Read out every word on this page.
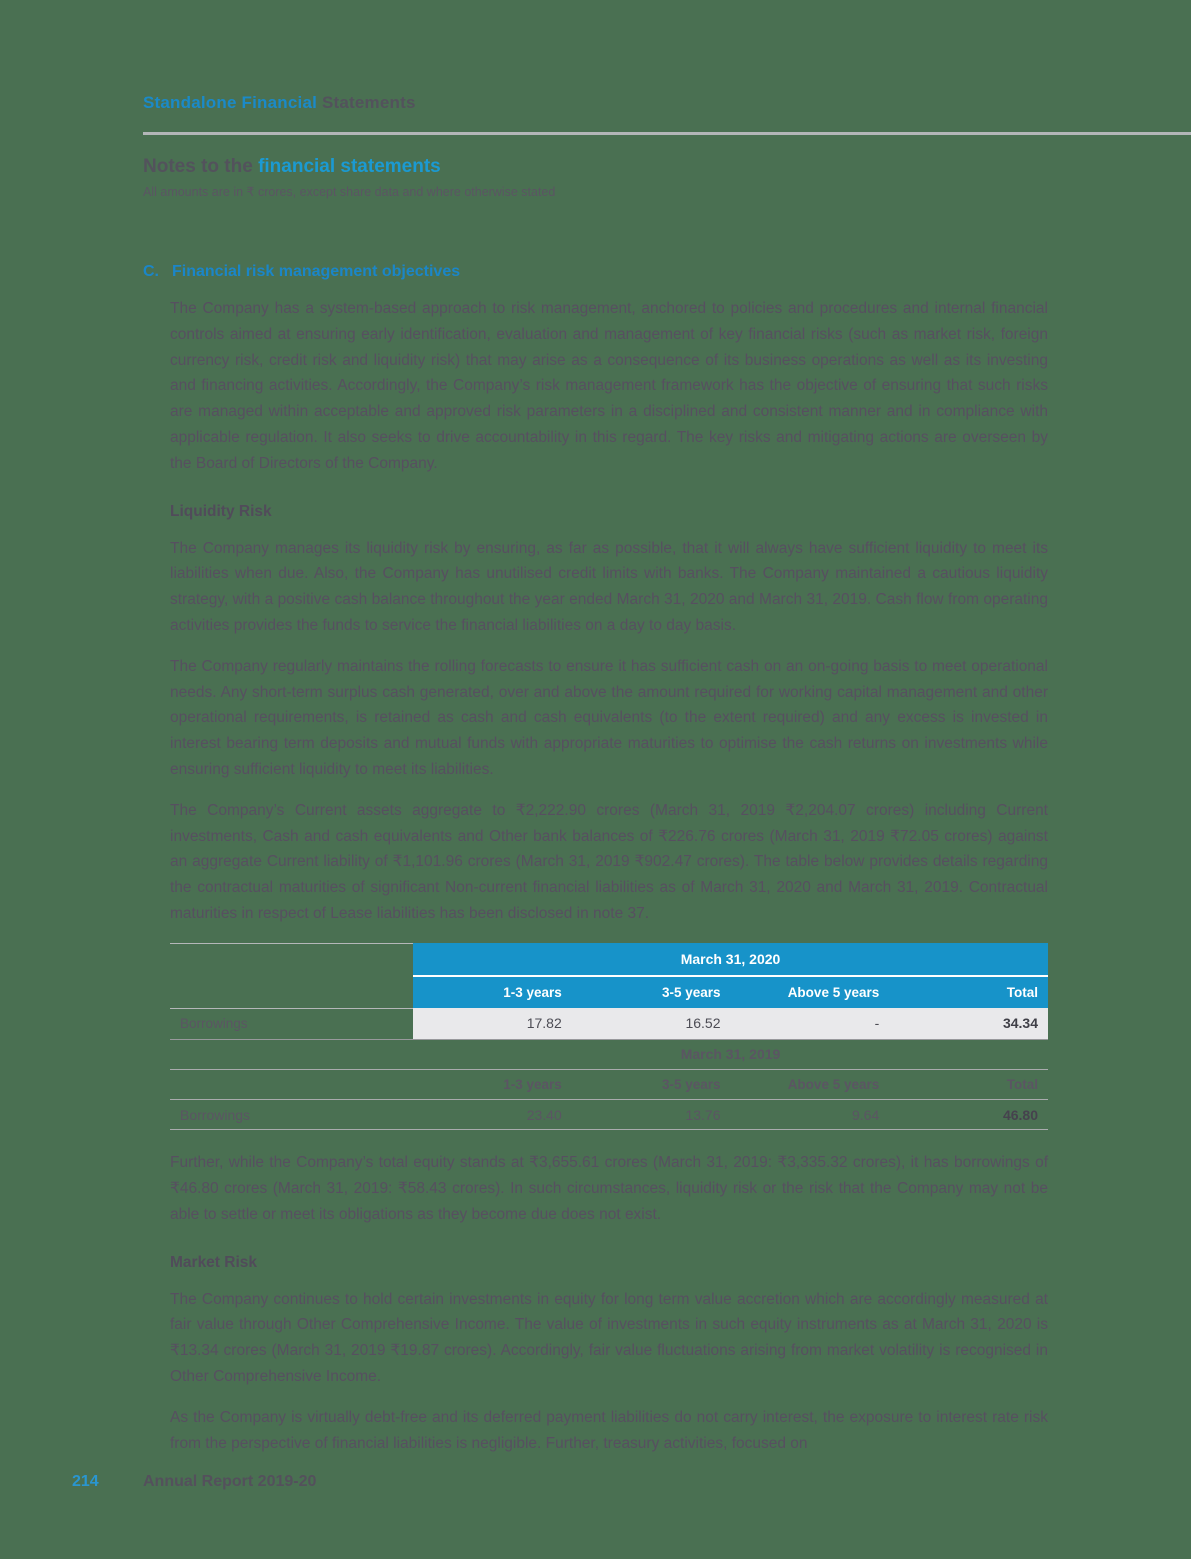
Standalone Financial Statements
Notes to the financial statements
All amounts are in ₹ crores, except share data and where otherwise stated
C. Financial risk management objectives

The Company has a system-based approach to risk management, anchored to policies and procedures and internal financial controls aimed at ensuring early identification, evaluation and management of key financial risks (such as market risk, foreign currency risk, credit risk and liquidity risk) that may arise as a consequence of its business operations as well as its investing and financing activities. Accordingly, the Company’s risk management framework has the objective of ensuring that such risks are managed within acceptable and approved risk parameters in a disciplined and consistent manner and in compliance with applicable regulation. It also seeks to drive accountability in this regard. The key risks and mitigating actions are overseen by the Board of Directors of the Company.

Liquidity Risk

The Company manages its liquidity risk by ensuring, as far as possible, that it will always have sufficient liquidity to meet its liabilities when due. Also, the Company has unutilised credit limits with banks. The Company maintained a cautious liquidity strategy, with a positive cash balance throughout the year ended March 31, 2020 and March 31, 2019. Cash flow from operating activities provides the funds to service the financial liabilities on a day to day basis.

The Company regularly maintains the rolling forecasts to ensure it has sufficient cash on an on-going basis to meet operational needs. Any short-term surplus cash generated, over and above the amount required for working capital management and other operational requirements, is retained as cash and cash equivalents (to the extent required) and any excess is invested in interest bearing term deposits and mutual funds with appropriate maturities to optimise the cash returns on investments while ensuring sufficient liquidity to meet its liabilities.

The Company’s Current assets aggregate to ₹2,222.90 crores (March 31, 2019 ₹2,204.07 crores) including Current investments, Cash and cash equivalents and Other bank balances of ₹226.76 crores (March 31, 2019 ₹72.05 crores) against an aggregate Current liability of ₹1,101.96 crores (March 31, 2019 ₹902.47 crores). The table below provides details regarding the contractual maturities of significant Non-current financial liabilities as of March 31, 2020 and March 31, 2019. Contractual maturities in respect of Lease liabilities has been disclosed in note 37.

	March 31, 2020			
	1-3 years	3-5 years	Above 5 years	Total
Borrowings	17.82	16.52	-	34.34
	March 31, 2019			
	1-3 years	3-5 years	Above 5 years	Total
Borrowings	23.40	13.76	9.64	46.80

Further, while the Company’s total equity stands at ₹3,655.61 crores (March 31, 2019: ₹3,335.32 crores), it has borrowings of ₹46.80 crores (March 31, 2019: ₹58.43 crores). In such circumstances, liquidity risk or the risk that the Company may not be able to settle or meet its obligations as they become due does not exist.

Market Risk

The Company continues to hold certain investments in equity for long term value accretion which are accordingly measured at fair value through Other Comprehensive Income. The value of investments in such equity instruments as at March 31, 2020 is ₹13.34 crores (March 31, 2019 ₹19.87 crores). Accordingly, fair value fluctuations arising from market volatility is recognised in Other Comprehensive Income.

As the Company is virtually debt-free and its deferred payment liabilities do not carry interest, the exposure to interest rate risk from the perspective of financial liabilities is negligible. Further, treasury activities, focused on

214	Annual Report 2019-20
